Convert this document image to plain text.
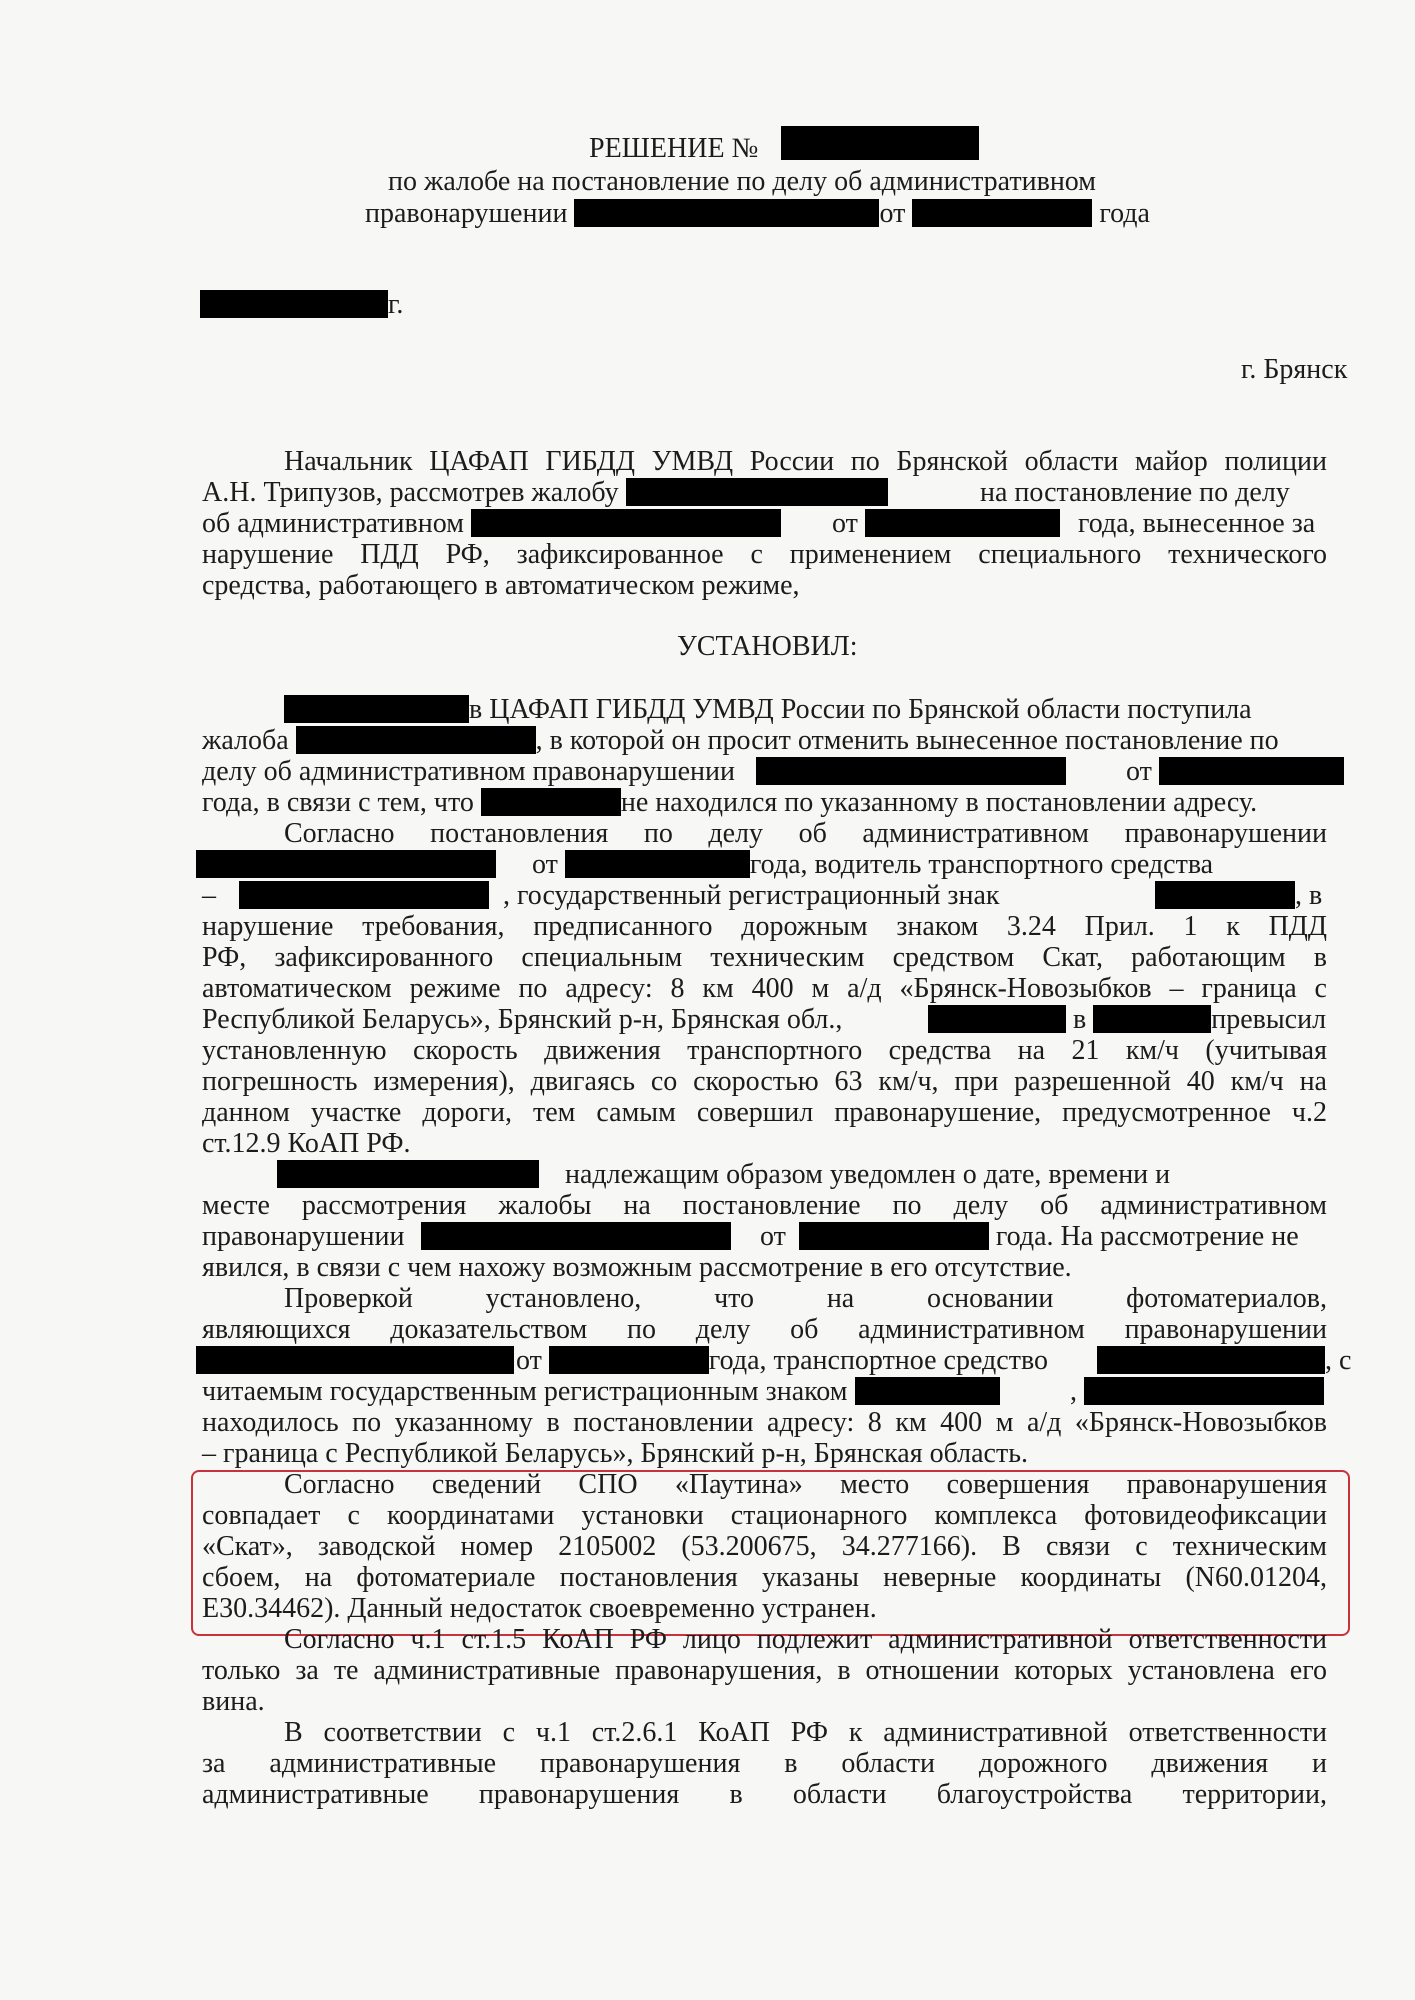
РЕШЕНИЕ №
по жалобе на постановление по делу об административном
правонарушении	от	года
г.
г. Брянск
Начальник ЦАФАП ГИБДД УМВД России по Брянской области майор полиции
А.Н. Трипузов, рассмотрев жалобу	на постановление по делу
об административном	от	года, вынесенное за
нарушение ПДД РФ, зафиксированное с применением специального технического
средства, работающего в автоматическом режиме,
УСТАНОВИЛ:
в ЦАФАП ГИБДД УМВД России по Брянской области поступила
жалоба	, в которой он просит отменить вынесенное постановление по
делу об административном правонарушении	от
года, в связи с тем, что	не находился по указанному в постановлении адресу.
Согласно постановления по делу об административном правонарушении
от	года, водитель транспортного средства
–	, государственный регистрационный знак	, в
нарушение требования, предписанного дорожным знаком 3.24 Прил. 1 к ПДД
РФ, зафиксированного специальным техническим средством Скат, работающим в
автоматическом режиме по адресу: 8 км 400 м а/д «Брянск-Новозыбков – граница с
Республикой Беларусь», Брянский р-н, Брянская обл.,	в	превысил
установленную скорость движения транспортного средства на 21 км/ч (учитывая
погрешность измерения), двигаясь со скоростью 63 км/ч, при разрешенной 40 км/ч на
данном участке дороги, тем самым совершил правонарушение, предусмотренное ч.2
ст.12.9 КоАП РФ.
надлежащим образом уведомлен о дате, времени и
месте рассмотрения жалобы на постановление по делу об административном
правонарушении	от	года. На рассмотрение не
явился, в связи с чем нахожу возможным рассмотрение в его отсутствие.
Проверкой установлено, что на основании фотоматериалов,
являющихся доказательством по делу об административном правонарушении
от	года, транспортное средство	, с
читаемым государственным регистрационным знаком	,
находилось по указанному в постановлении адресу: 8 км 400 м а/д «Брянск-Новозыбков
– граница с Республикой Беларусь», Брянский р-н, Брянская область.
Согласно сведений СПО «Паутина» место совершения правонарушения
совпадает с координатами установки стационарного комплекса фотовидеофиксации
«Скат», заводской номер 2105002 (53.200675, 34.277166). В связи с техническим
сбоем, на фотоматериале постановления указаны неверные координаты (N60.01204,
E30.34462). Данный недостаток своевременно устранен.
Согласно ч.1 ст.1.5 КоАП РФ лицо подлежит административной ответственности
только за те административные правонарушения, в отношении которых установлена его
вина.
В соответствии с ч.1 ст.2.6.1 КоАП РФ к административной ответственности
за административные правонарушения в области дорожного движения и
административные правонарушения в области благоустройства территории,
